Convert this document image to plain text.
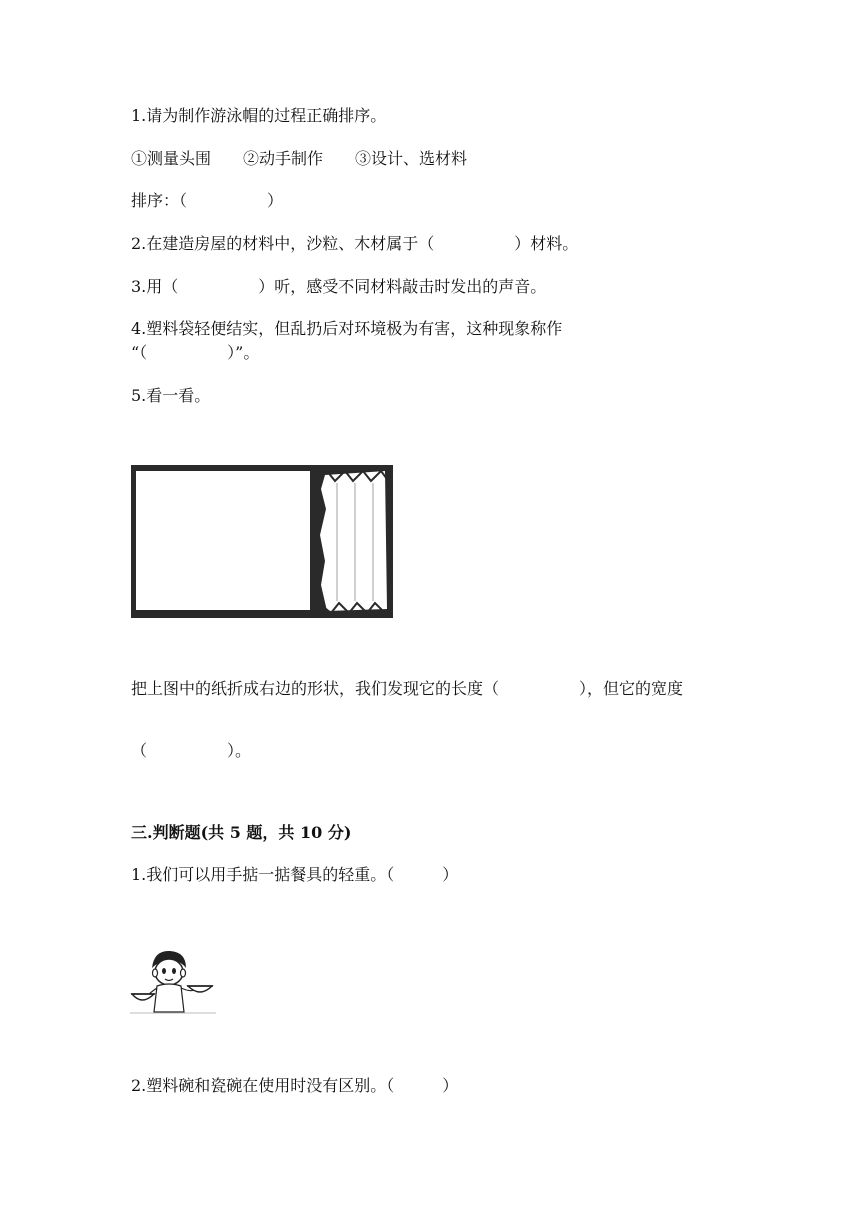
1.请为制作游泳帽的过程正确排序。
①测量头围　　②动手制作　　③设计、选材料
排序：（　　　　　）
2.在建造房屋的材料中，沙粒、木材属于（　　　　　）材料。
3.用（　　　　　）听，感受不同材料敲击时发出的声音。
4.塑料袋轻便结实，但乱扔后对环境极为有害，这种现象称作
“（　　　　　）”。
5.看一看。
把上图中的纸折成右边的形状，我们发现它的长度（　　　　　），但它的宽度
（　　　　　）。
三.判断题(共 5 题，共 10 分)
1.我们可以用手掂一掂餐具的轻重。（　　　）
2.塑料碗和瓷碗在使用时没有区别。（　　　）
